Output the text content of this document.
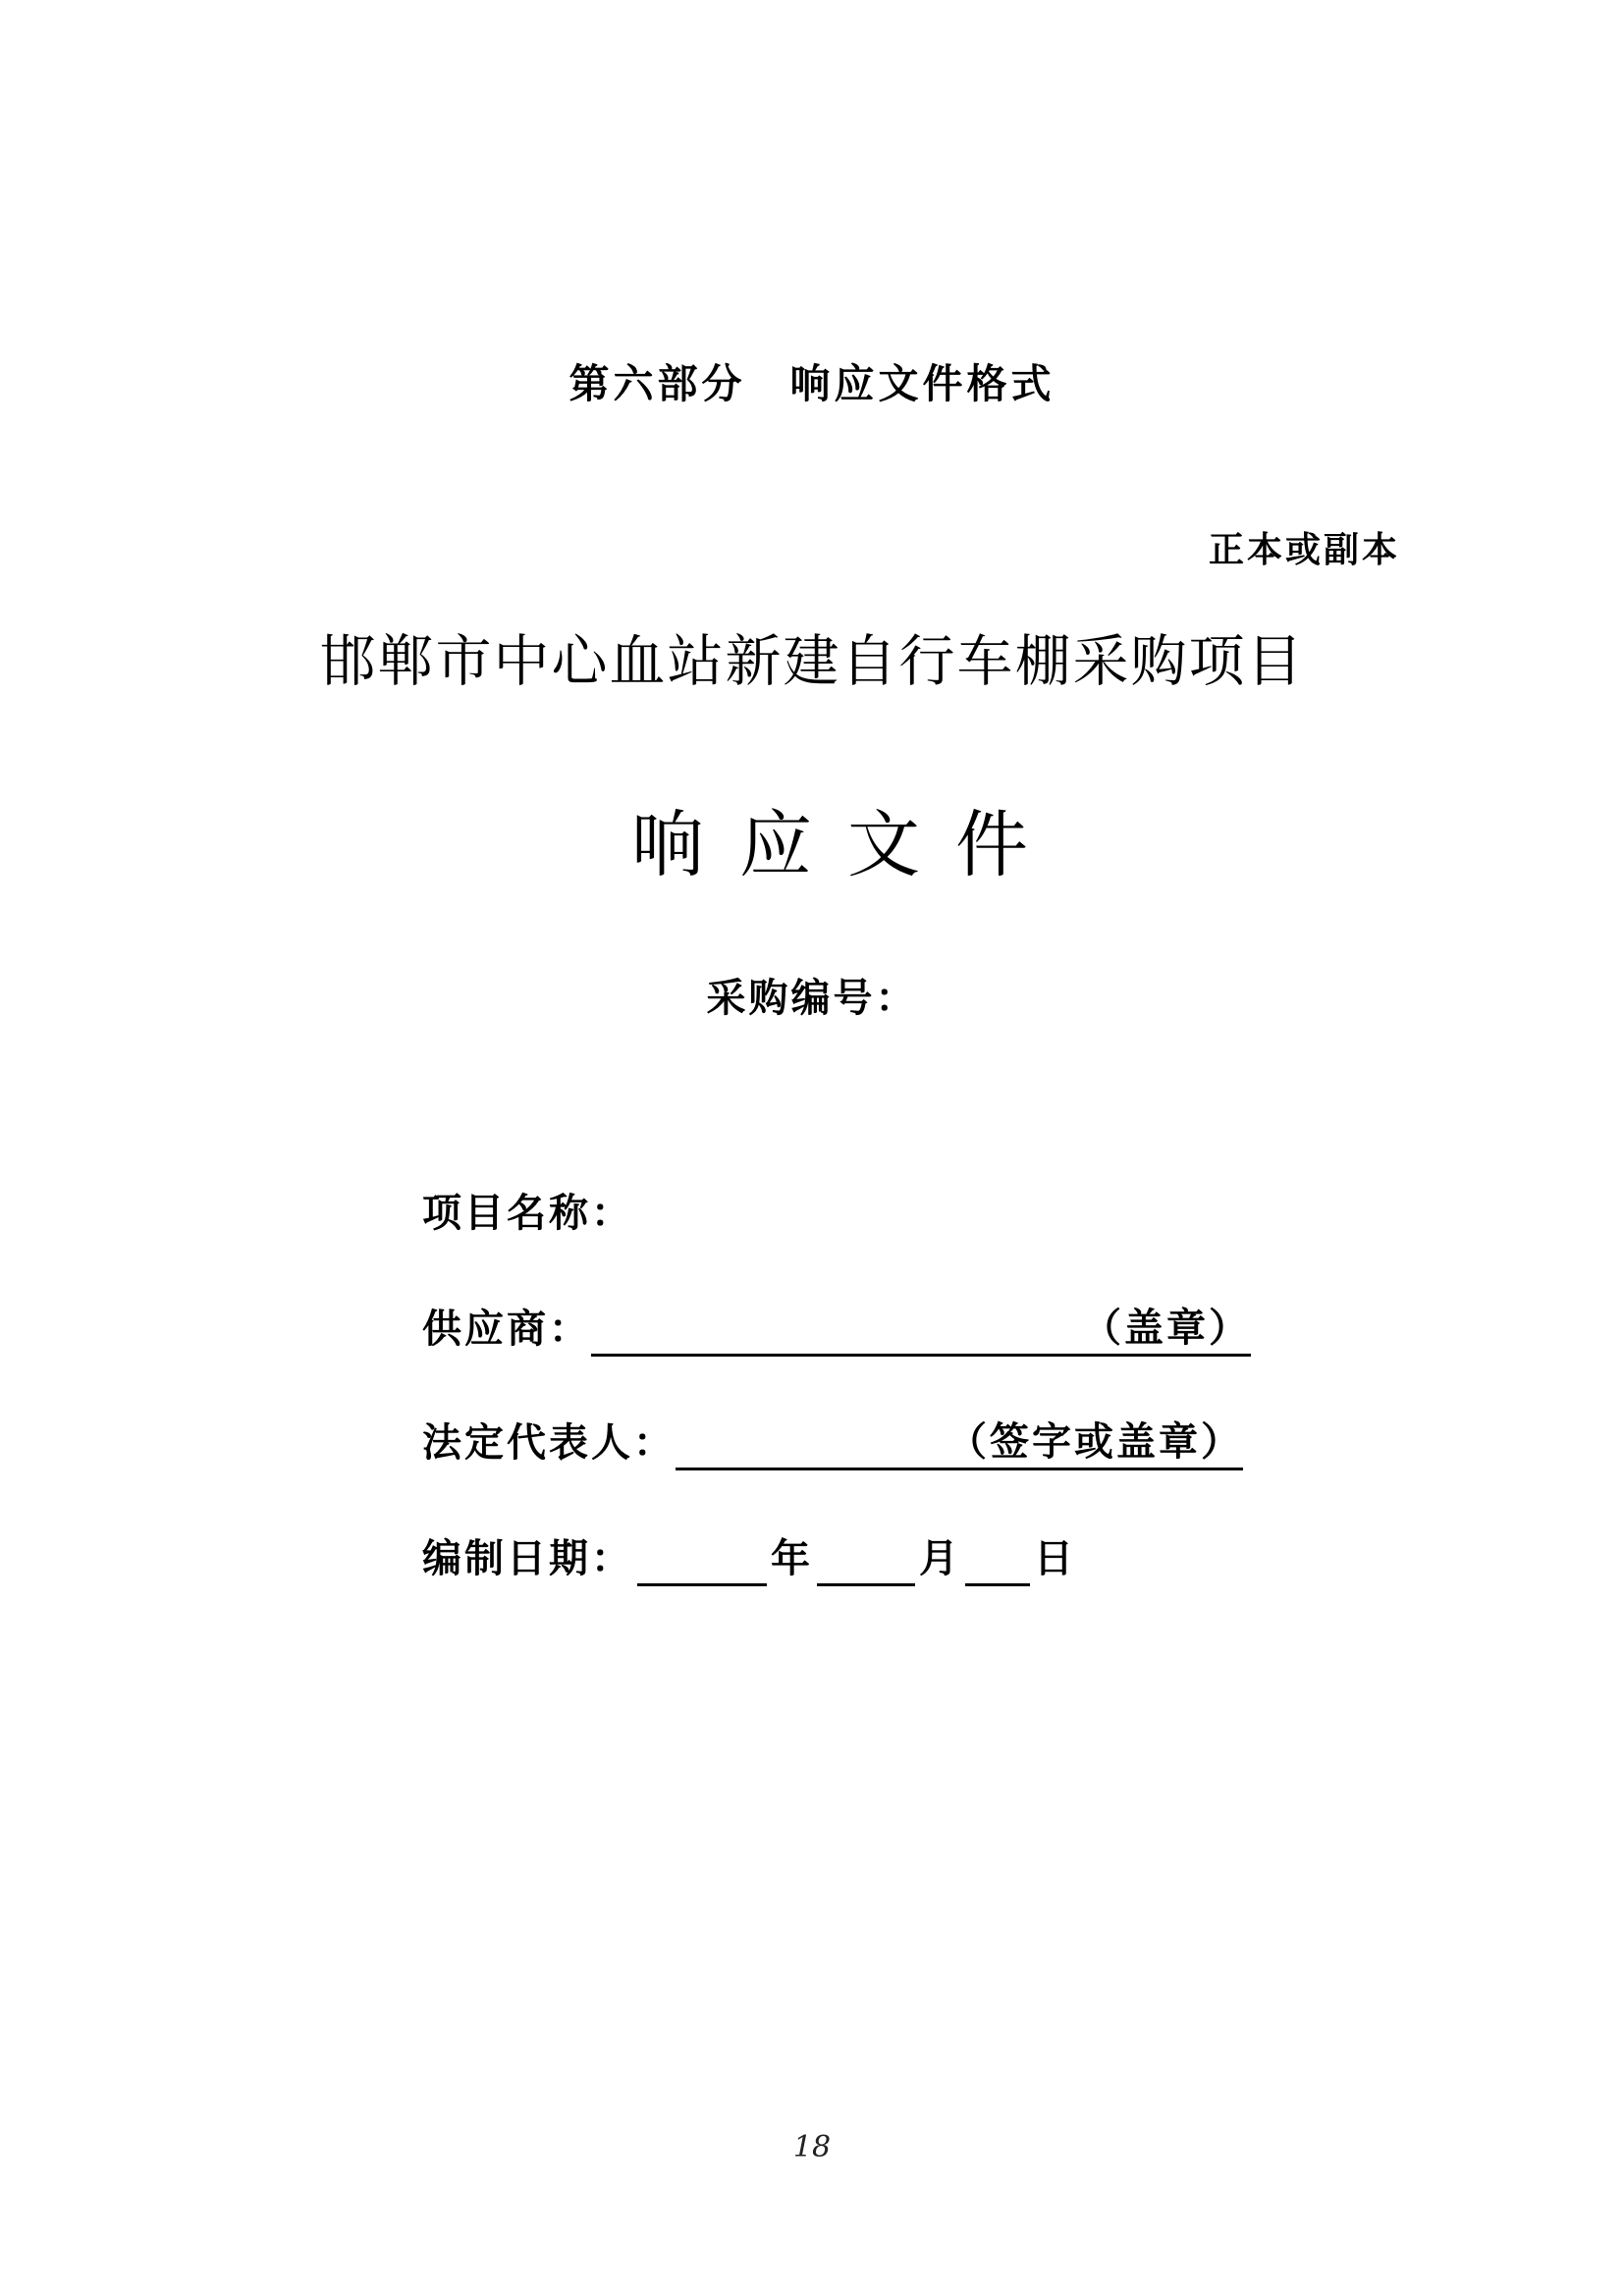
第六部分　响应文件格式
正本或副本
邯郸市中心血站新建自行车棚采购项目
响应文件
采购编号：
项目名称：
供应商：	（盖章）
法定代表人：	（签字或盖章）
编制日期：	年	月 日
18
